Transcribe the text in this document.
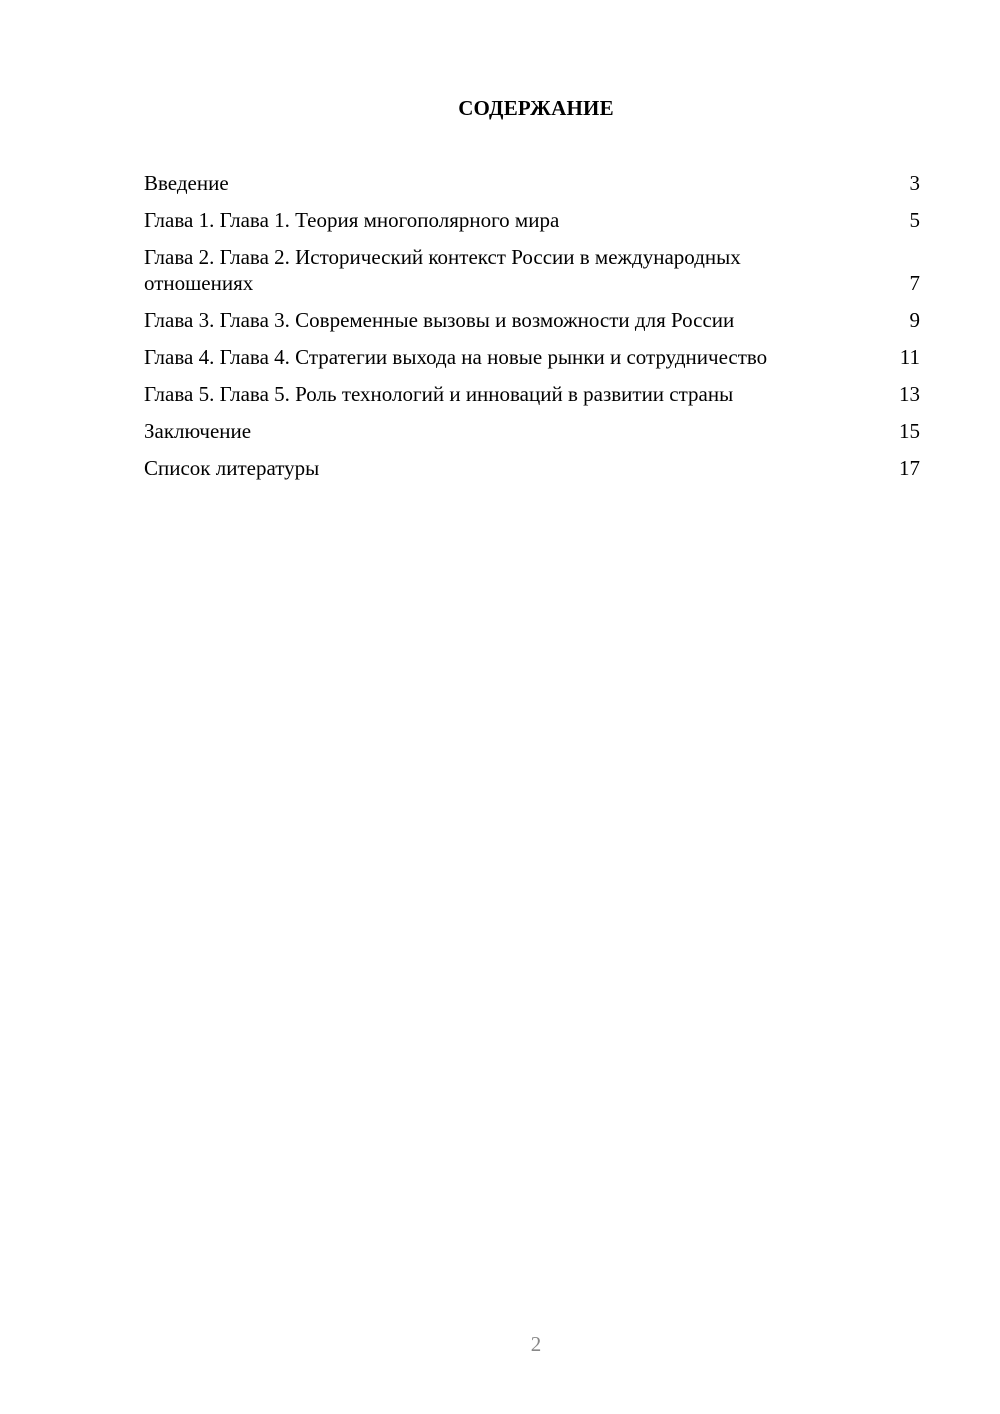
СОДЕРЖАНИЕ
Введение	3
Глава 1. Глава 1. Теория многополярного мира	5
Глава 2. Глава 2. Исторический контекст России в международных отношениях	7
Глава 3. Глава 3. Современные вызовы и возможности для России	9
Глава 4. Глава 4. Стратегии выхода на новые рынки и сотрудничество	11
Глава 5. Глава 5. Роль технологий и инноваций в развитии страны	13
Заключение	15
Список литературы	17
2
